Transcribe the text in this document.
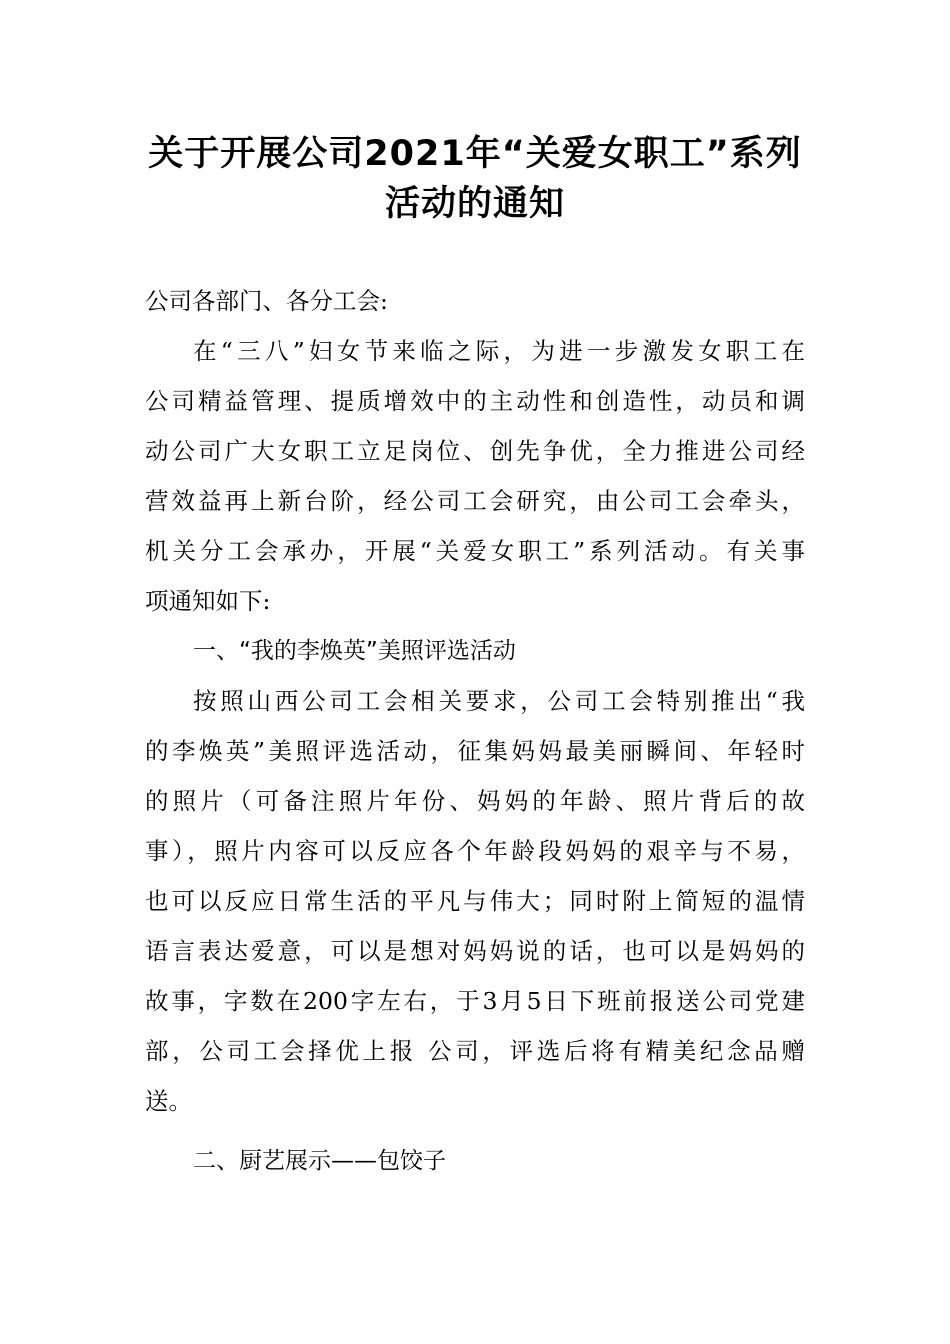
关于开展公司2021年“关爱女职工”系列
活动的通知
公司各部门、各分工会:
在“三八”妇女节来临之际，为进一步激发女职工在
公司精益管理、提质增效中的主动性和创造性，动员和调
动公司广大女职工立足岗位、创先争优，全力推进公司经
营效益再上新台阶，经公司工会研究，由公司工会牵头，
机关分工会承办，开展“关爱女职工”系列活动。有关事
项通知如下:
一、“我的李焕英”美照评选活动
按照山西公司工会相关要求，公司工会特别推出“我
的李焕英”美照评选活动，征集妈妈最美丽瞬间、年轻时
的照片（可备注照片年份、妈妈的年龄、照片背后的故
事），照片内容可以反应各个年龄段妈妈的艰辛与不易，
也可以反应日常生活的平凡与伟大；同时附上简短的温情
语言表达爱意，可以是想对妈妈说的话，也可以是妈妈的
故事，字数在200字左右，于3月5日下班前报送公司党建
部，公司工会择优上报 公司，评选后将有精美纪念品赠
送。
二、厨艺展示——包饺子
